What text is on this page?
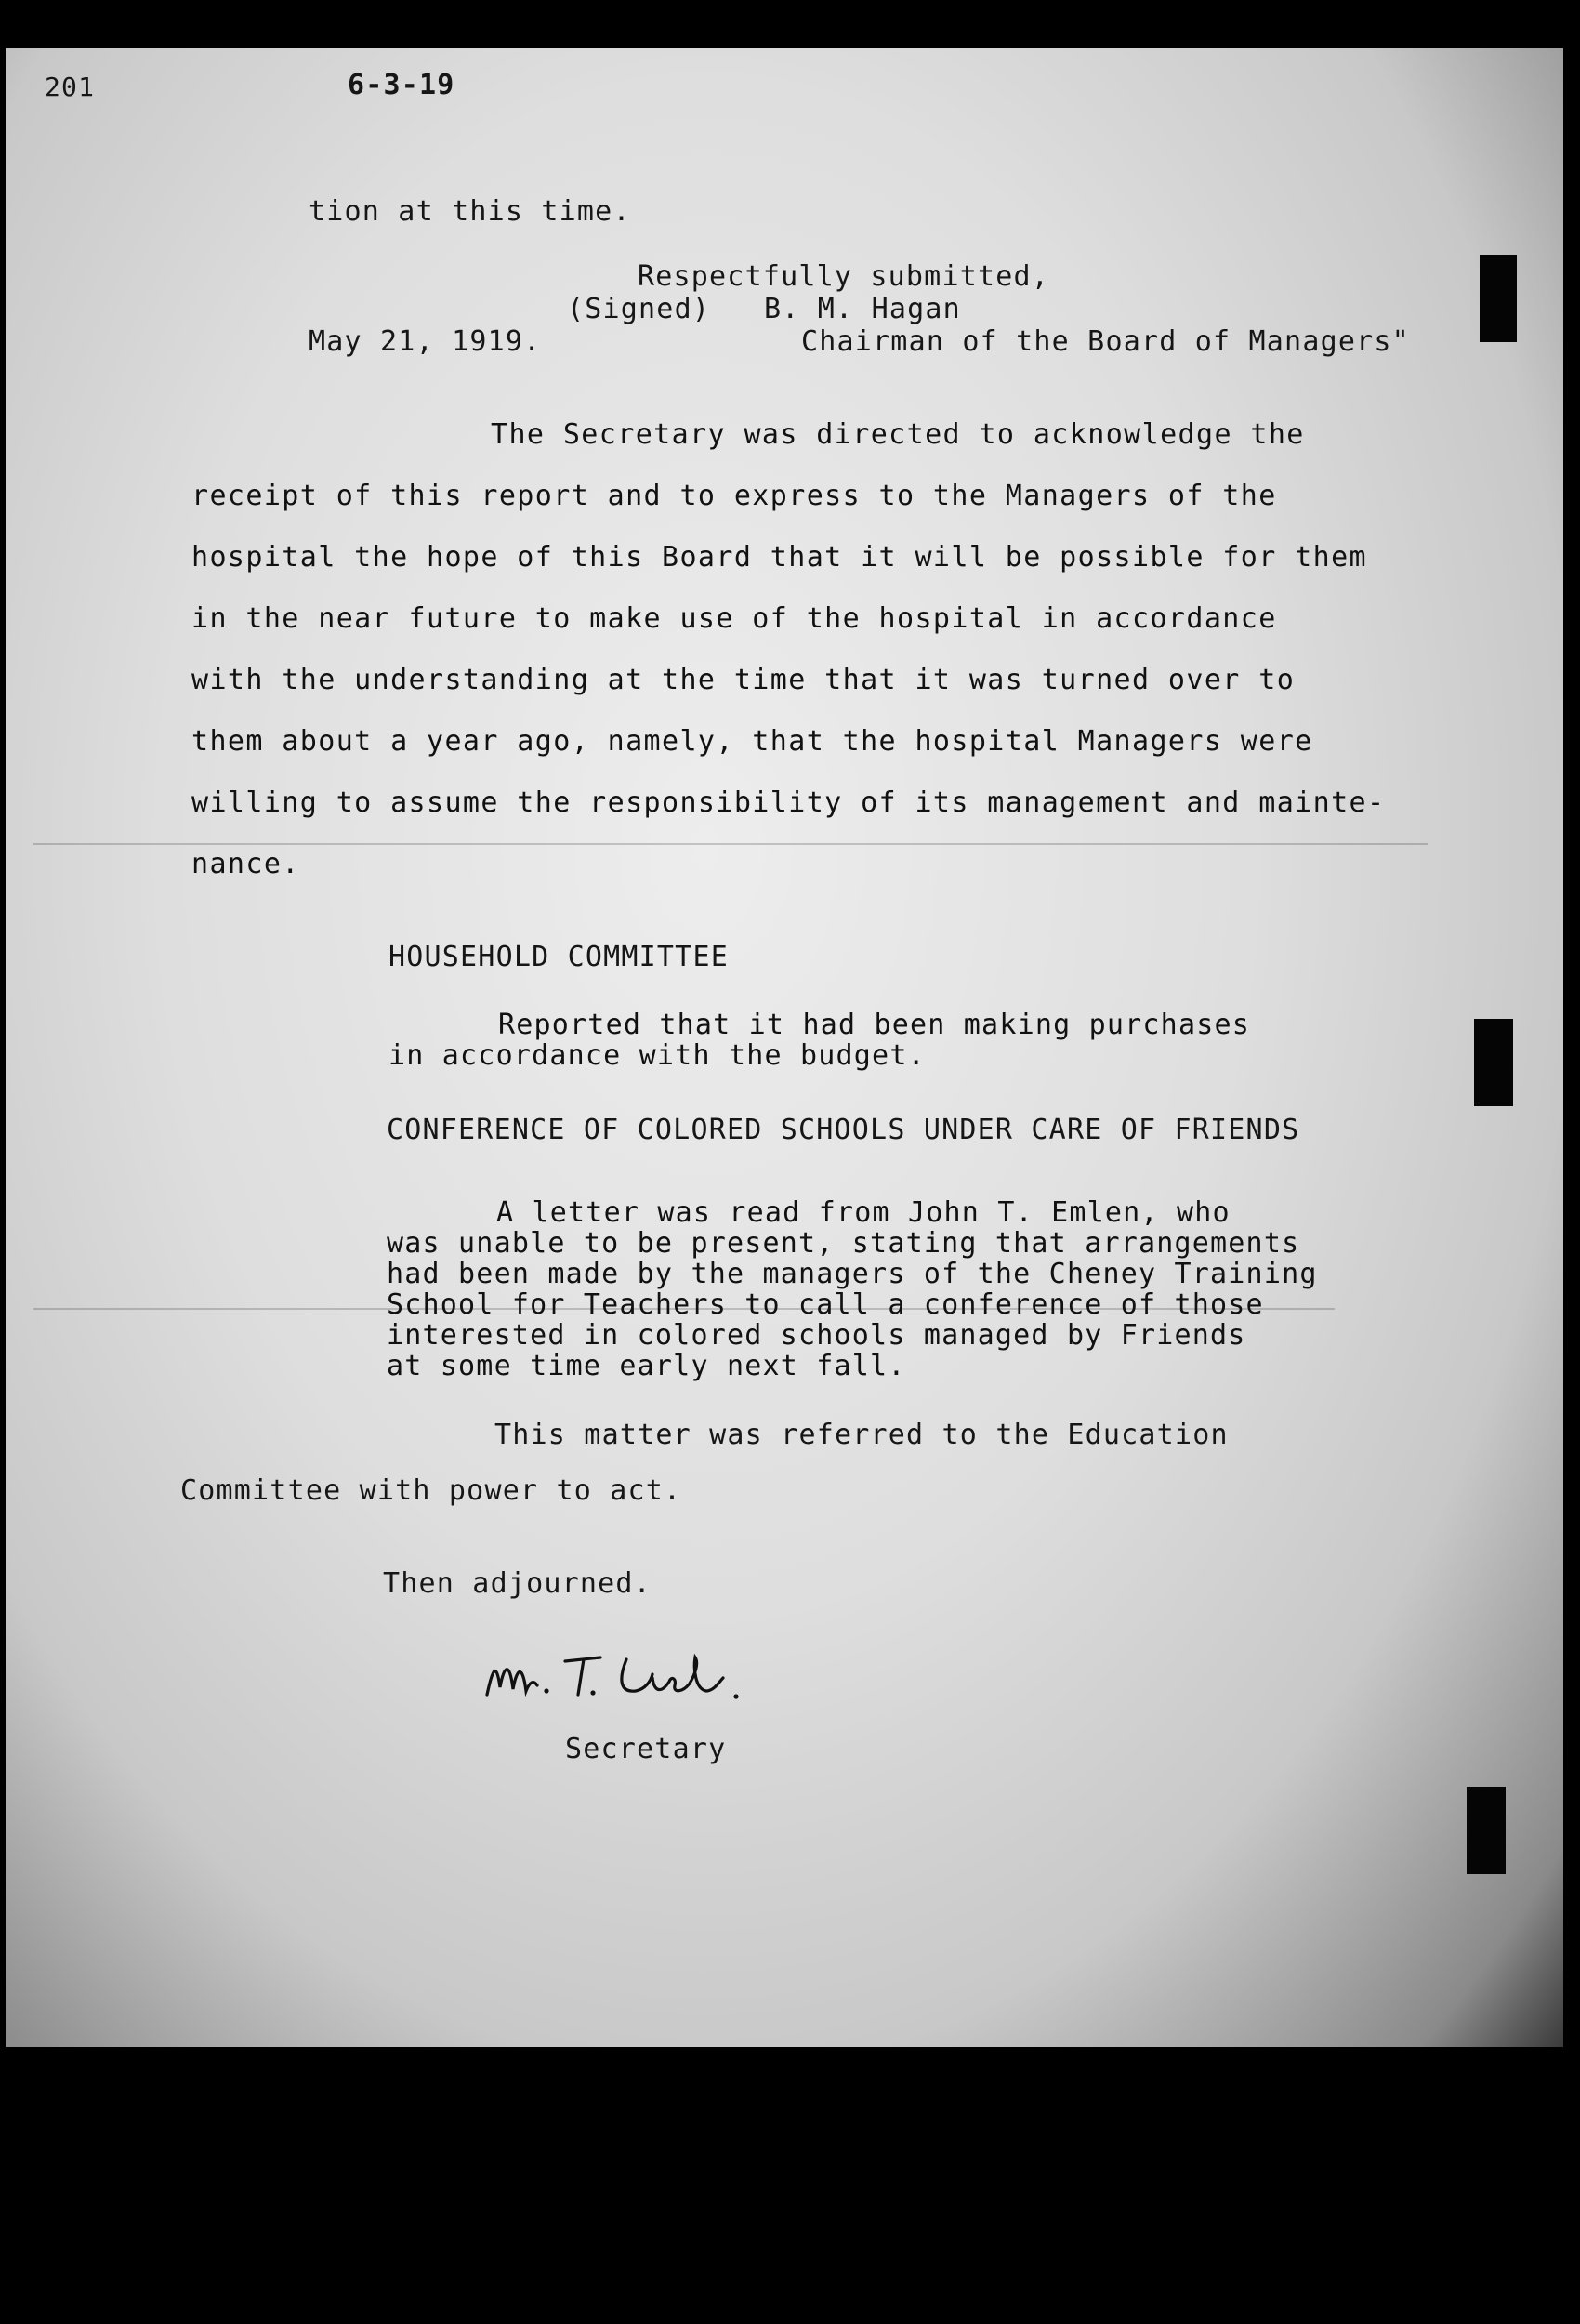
201	6-3-19
tion at this time.
Respectfully submitted,
(Signed) B. M. Hagan
May 21, 1919.	Chairman of the Board of Managers"
The Secretary was directed to acknowledge the
receipt of this report and to express to the Managers of the
hospital the hope of this Board that it will be possible for them
in the near future to make use of the hospital in accordance
with the understanding at the time that it was turned over to
them about a year ago, namely, that the hospital Managers were
willing to assume the responsibility of its management and mainte-
nance.
HOUSEHOLD COMMITTEE
Reported that it had been making purchases
in accordance with the budget.
CONFERENCE OF COLORED SCHOOLS UNDER CARE OF FRIENDS
A letter was read from John T. Emlen, who
was unable to be present, stating that arrangements
had been made by the managers of the Cheney Training
School for Teachers to call a conference of those
interested in colored schools managed by Friends
at some time early next fall.
This matter was referred to the Education
Committee with power to act.
Then adjourned.
Secretary
